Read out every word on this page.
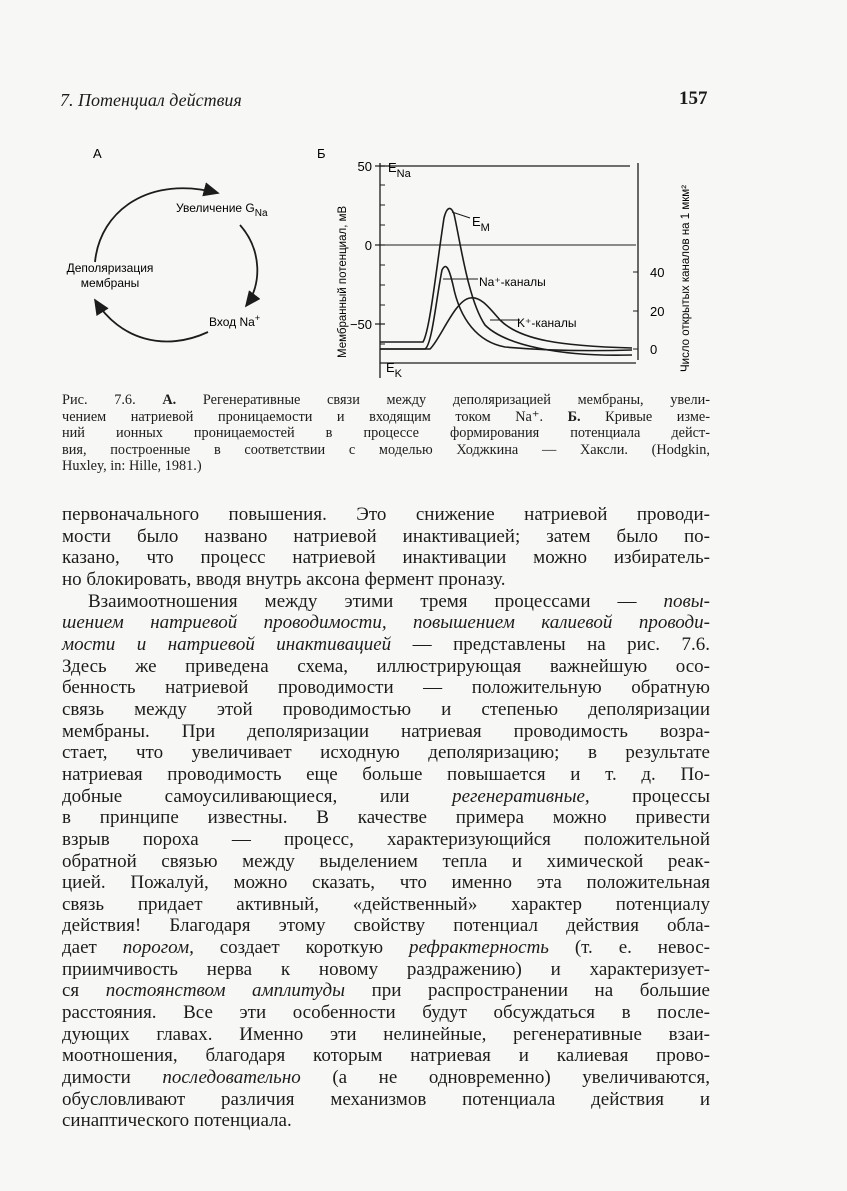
7. Потенциал действия	157
А
Увеличение $G_{Na}$
Деполяризация
мембраны
Вход Na+
Б
50
0
−50
Мембранный потенциал, мВ	40
20
0 Число открытых каналов на 1 мкм²
$E_{Na}$
$E_K$
$E_M$
Na⁺-каналы
K⁺-каналы
Рис. 7.6. А. Регенеративные связи между деполяризацией мембраны, увели-
чением натриевой проницаемости и входящим током Na⁺. Б. Кривые изме-
ний ионных проницаемостей в процессе формирования потенциала дейст-
вия, построенные в соответствии с моделью Ходжкина — Хаксли. (Hodgkin,
Huxley, in: Hille, 1981.)
первоначального повышения. Это снижение натриевой проводи-
мости было названо натриевой инактивацией; затем было по-
казано, что процесс натриевой инактивации можно избиратель-
но блокировать, вводя внутрь аксона фермент проназу.
Взаимоотношения между этими тремя процессами — повы-
шением натриевой проводимости, повышением калиевой проводи-
мости и натриевой инактивацией — представлены на рис. 7.6.
Здесь же приведена схема, иллюстрирующая важнейшую осо-
бенность натриевой проводимости — положительную обратную
связь между этой проводимостью и степенью деполяризации
мембраны. При деполяризации натриевая проводимость возра-
стает, что увеличивает исходную деполяризацию; в результате
натриевая проводимость еще больше повышается и т. д. По-
добные самоусиливающиеся, или регенеративные, процессы
в принципе известны. В качестве примера можно привести
взрыв пороха — процесс, характеризующийся положительной
обратной связью между выделением тепла и химической реак-
цией. Пожалуй, можно сказать, что именно эта положительная
связь придает активный, «действенный» характер потенциалу
действия! Благодаря этому свойству потенциал действия обла-
дает порогом, создает короткую рефрактерность (т. е. невос-
приимчивость нерва к новому раздражению) и характеризует-
ся постоянством амплитуды при распространении на большие
расстояния. Все эти особенности будут обсуждаться в после-
дующих главах. Именно эти нелинейные, регенеративные взаи-
моотношения, благодаря которым натриевая и калиевая прово-
димости последовательно (а не одновременно) увеличиваются,
обусловливают различия механизмов потенциала действия и
синаптического потенциала.
